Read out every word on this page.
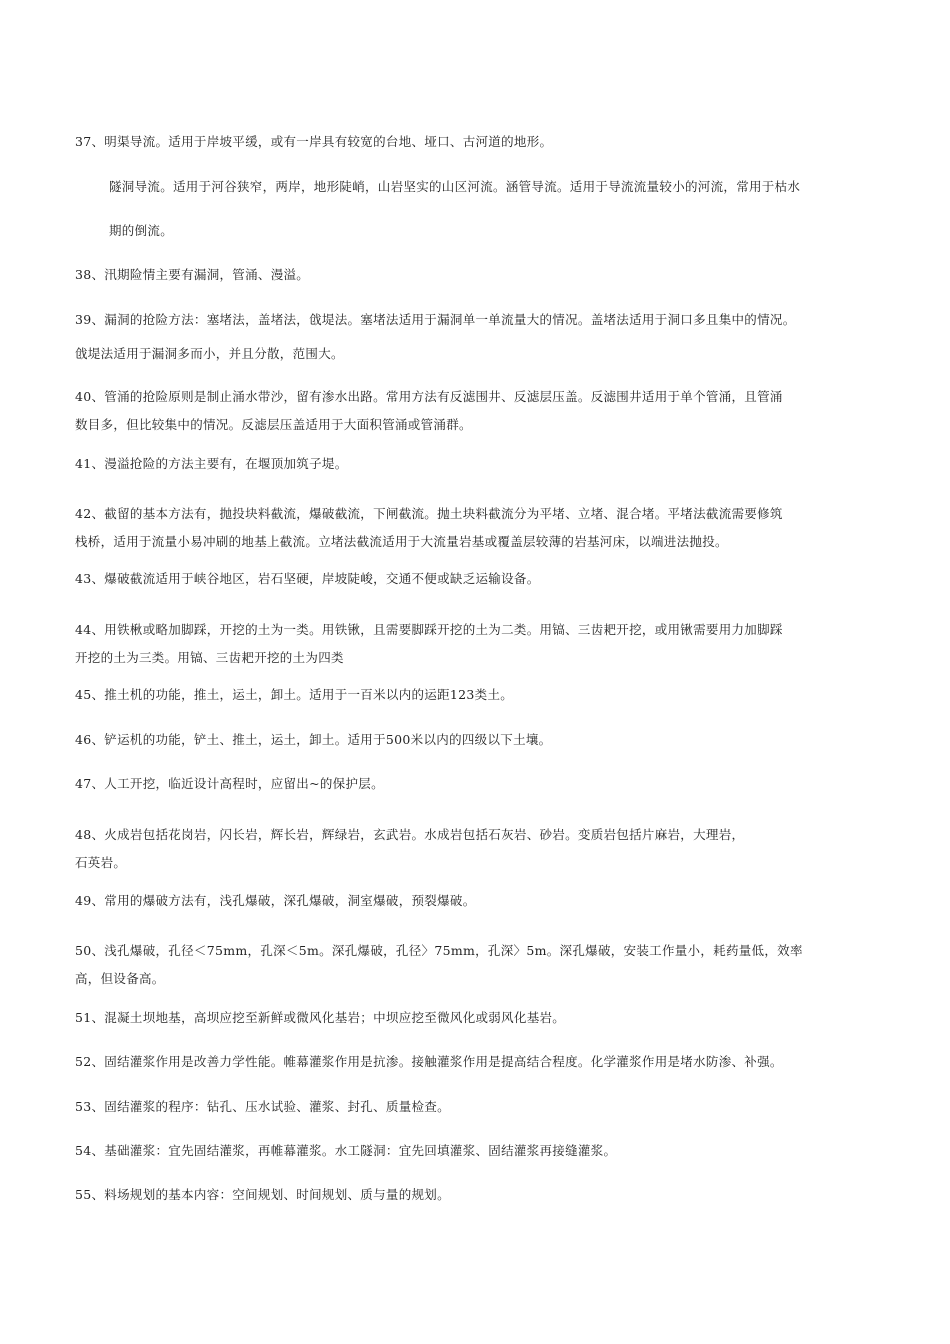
37、明渠导流。适用于岸坡平缓，或有一岸具有较宽的台地、垭口、古河道的地形。
隧洞导流。适用于河谷狭窄，两岸，地形陡峭，山岩坚实的山区河流。涵管导流。适用于导流流量较小的河流，常用于枯水
期的倒流。
38、汛期险情主要有漏洞，管涌、漫溢。
39、漏洞的抢险方法：塞堵法，盖堵法，戗堤法。塞堵法适用于漏洞单一单流量大的情况。盖堵法适用于洞口多且集中的情况。
戗堤法适用于漏洞多而小，并且分散，范围大。
40、管涌的抢险原则是制止涌水带沙，留有渗水出路。常用方法有反滤围井、反滤层压盖。反滤围井适用于单个管涌，且管涌
数目多，但比较集中的情况。反滤层压盖适用于大面积管涌或管涌群。
41、漫溢抢险的方法主要有，在堰顶加筑子堤。
42、截留的基本方法有，抛投块料截流，爆破截流，下闸截流。抛土块料截流分为平堵、立堵、混合堵。平堵法截流需要修筑
栈桥，适用于流量小易冲刷的地基上截流。立堵法截流适用于大流量岩基或覆盖层较薄的岩基河床，以端进法抛投。
43、爆破截流适用于峡谷地区，岩石坚硬，岸坡陡峻，交通不便或缺乏运输设备。
44、用铁楸或略加脚踩，开挖的土为一类。用铁锹，且需要脚踩开挖的土为二类。用镐、三齿耙开挖，或用锹需要用力加脚踩
开挖的土为三类。用镐、三齿耙开挖的土为四类
45、推土机的功能，推土，运土，卸土。适用于一百米以内的运距123类土。
46、铲运机的功能，铲土、推土，运土，卸土。适用于500米以内的四级以下土壤。
47、人工开挖，临近设计高程时，应留出~的保护层。
48、火成岩包括花岗岩，闪长岩，辉长岩，辉绿岩，玄武岩。水成岩包括石灰岩、砂岩。变质岩包括片麻岩，大理岩，
石英岩。
49、常用的爆破方法有，浅孔爆破，深孔爆破，洞室爆破，预裂爆破。
50、浅孔爆破，孔径＜75mm，孔深＜5m。深孔爆破，孔径〉75mm，孔深〉5m。深孔爆破，安装工作量小，耗药量低，效率
高，但设备高。
51、混凝土坝地基，高坝应挖至新鲜或微风化基岩；中坝应挖至微风化或弱风化基岩。
52、固结灌浆作用是改善力学性能。帷幕灌浆作用是抗渗。接触灌浆作用是提高结合程度。化学灌浆作用是堵水防渗、补强。
53、固结灌浆的程序：钻孔、压水试验、灌浆、封孔、质量检查。
54、基础灌浆：宜先固结灌浆，再帷幕灌浆。水工隧洞：宜先回填灌浆、固结灌浆再接缝灌浆。
55、料场规划的基本内容：空间规划、时间规划、质与量的规划。
